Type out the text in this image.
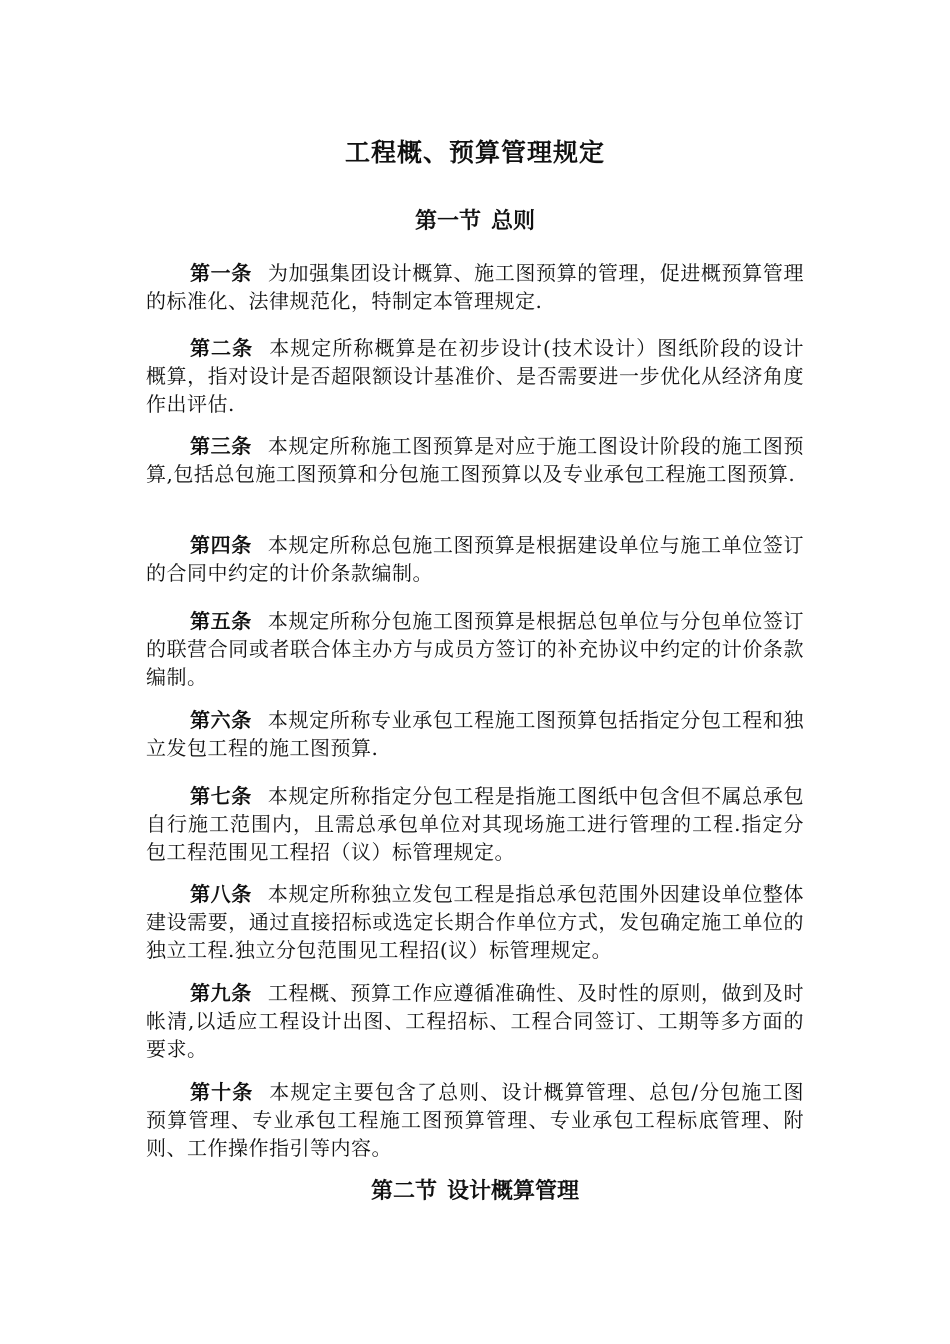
工程概、预算管理规定
第一节 总则

第一条 为加强集团设计概算、施工图预算的管理，促进概预算管理的标准化、法律规范化，特制定本管理规定.

第二条 本规定所称概算是在初步设计(技术设计）图纸阶段的设计概算，指对设计是否超限额设计基准价、是否需要进一步优化从经济角度作出评估.

第三条 本规定所称施工图预算是对应于施工图设计阶段的施工图预算,包括总包施工图预算和分包施工图预算以及专业承包工程施工图预算.

第四条 本规定所称总包施工图预算是根据建设单位与施工单位签订的合同中约定的计价条款编制。

第五条 本规定所称分包施工图预算是根据总包单位与分包单位签订的联营合同或者联合体主办方与成员方签订的补充协议中约定的计价条款编制。

第六条 本规定所称专业承包工程施工图预算包括指定分包工程和独立发包工程的施工图预算.

第七条 本规定所称指定分包工程是指施工图纸中包含但不属总承包自行施工范围内，且需总承包单位对其现场施工进行管理的工程.指定分包工程范围见工程招（议）标管理规定。

第八条 本规定所称独立发包工程是指总承包范围外因建设单位整体建设需要，通过直接招标或选定长期合作单位方式，发包确定施工单位的独立工程.独立分包范围见工程招(议）标管理规定。

第九条 工程概、预算工作应遵循准确性、及时性的原则，做到及时帐清,以适应工程设计出图、工程招标、工程合同签订、工期等多方面的要求。

第十条 本规定主要包含了总则、设计概算管理、总包/分包施工图预算管理、专业承包工程施工图预算管理、专业承包工程标底管理、附则、工作操作指引等内容。

第二节 设计概算管理
